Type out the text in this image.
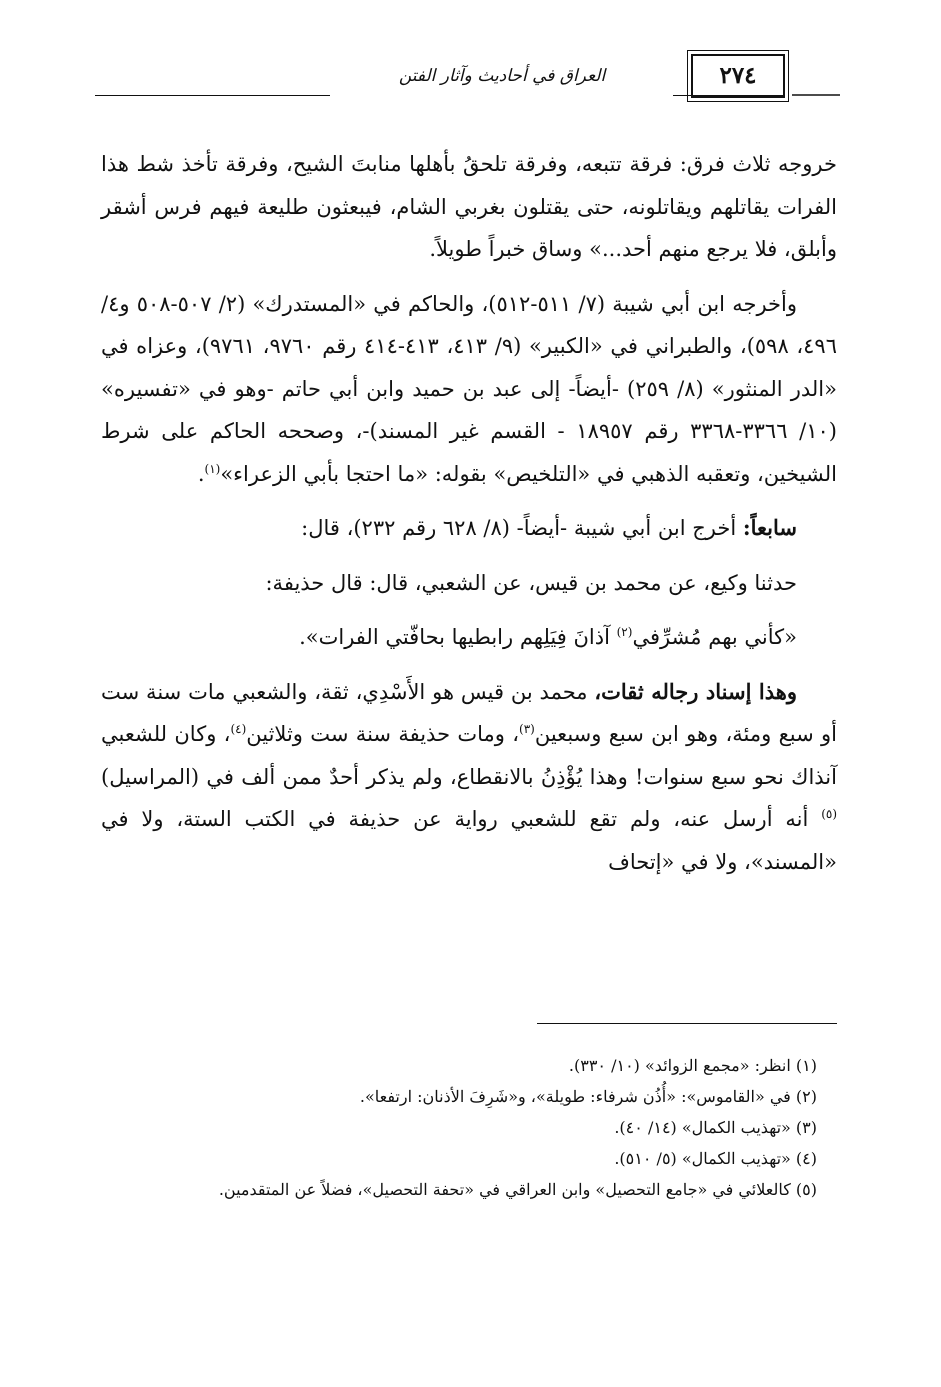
العراق في أحاديث وآثار الفتن	٢٧٤

خروجه ثلاث فرق: فرقة تتبعه، وفرقة تلحقُ بأهلها منابتَ الشيح، وفرقة تأخذ شط هذا الفرات يقاتلهم ويقاتلونه، حتى يقتلون بغربي الشام، فيبعثون طليعة فيهم فرس أشقر وأبلق، فلا يرجع منهم أحد...» وساق خبراً طويلاً.

وأخرجه ابن أبي شيبة (٧/ ٥١١-٥١٢)، والحاكم في «المستدرك» (٢/ ٥٠٧-٥٠٨ و٤/ ٤٩٦، ٥٩٨)، والطبراني في «الكبير» (٩/ ٤١٣، ٤١٣-٤١٤ رقم ٩٧٦٠، ٩٧٦١)، وعزاه في «الدر المنثور» (٨/ ٢٥٩) -أيضاً- إلى عبد بن حميد وابن أبي حاتم -وهو في «تفسيره» (١٠/ ٣٣٦٦-٣٣٦٨ رقم ١٨٩٥٧ - القسم غير المسند)-، وصححه الحاكم على شرط الشيخين، وتعقبه الذهبي في «التلخيص» بقوله: «ما احتجا بأبي الزعراء»$^{(١)}$.

سابعاً: أخرج ابن أبي شيبة -أيضاً- (٨/ ٦٢٨ رقم ٢٣٢)، قال:

حدثنا وكيع، عن محمد بن قيس، عن الشعبي، قال: قال حذيفة:

«كأني بهم مُشرِّفي$^{(٢)}$ آذانَ فِيَلِهم رابطيها بحافّتي الفرات».

وهذا إسناد رجاله ثقات، محمد بن قيس هو الأَسْدِي، ثقة، والشعبي مات سنة ست أو سبع ومئة، وهو ابن سبع وسبعين$^{(٣)}$، ومات حذيفة سنة ست وثلاثين$^{(٤)}$، وكان للشعبي آنذاك نحو سبع سنوات! وهذا يُؤْذِنُ بالانقطاع، ولم يذكر أحدٌ ممن ألف في (المراسيل)$^{(٥)}$ أنه أرسل عنه، ولم تقع للشعبي رواية عن حذيفة في الكتب الستة، ولا في «المسند»، ولا في «إتحاف

(١) انظر: «مجمع الزوائد» (١٠/ ٣٣٠).

(٢) في «القاموس»: «أُذُن شرفاء: طويلة»، و«شَرِفَ الأذنان: ارتفعا».

(٣) «تهذيب الكمال» (١٤/ ٤٠).

(٤) «تهذيب الكمال» (٥/ ٥١٠).

(٥) كالعلائي في «جامع التحصيل» وابن العراقي في «تحفة التحصيل»، فضلاً عن المتقدمين.
